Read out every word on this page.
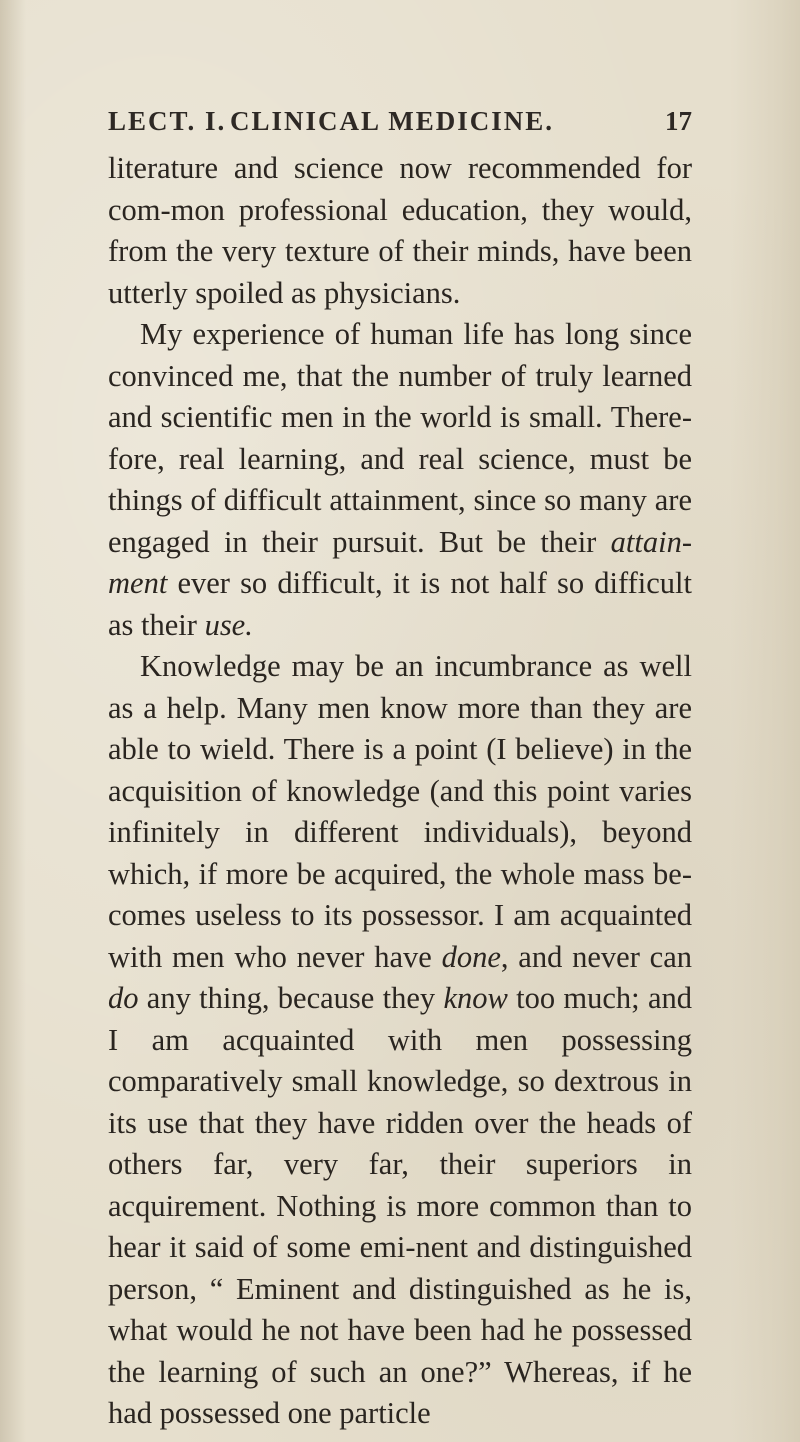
LECT. I. CLINICAL MEDICINE.	17

literature and science now recommended for com-mon professional education, they would, from the very texture of their minds, have been utterly spoiled as physicians.

My experience of human life has long since convinced me, that the number of truly learned and scientific men in the world is small. There-fore, real learning, and real science, must be things of difficult attainment, since so many are engaged in their pursuit. But be their attain-ment ever so difficult, it is not half so difficult as their use.

Knowledge may be an incumbrance as well as a help. Many men know more than they are able to wield. There is a point (I believe) in the acquisition of knowledge (and this point varies infinitely in different individuals), beyond which, if more be acquired, the whole mass be-comes useless to its possessor. I am acquainted with men who never have done, and never can do any thing, because they know too much; and I am acquainted with men possessing comparatively small knowledge, so dextrous in its use that they have ridden over the heads of others far, very far, their superiors in acquirement. Nothing is more common than to hear it said of some emi-nent and distinguished person, “ Eminent and distinguished as he is, what would he not have been had he possessed the learning of such an one?” Whereas, if he had possessed one particle
